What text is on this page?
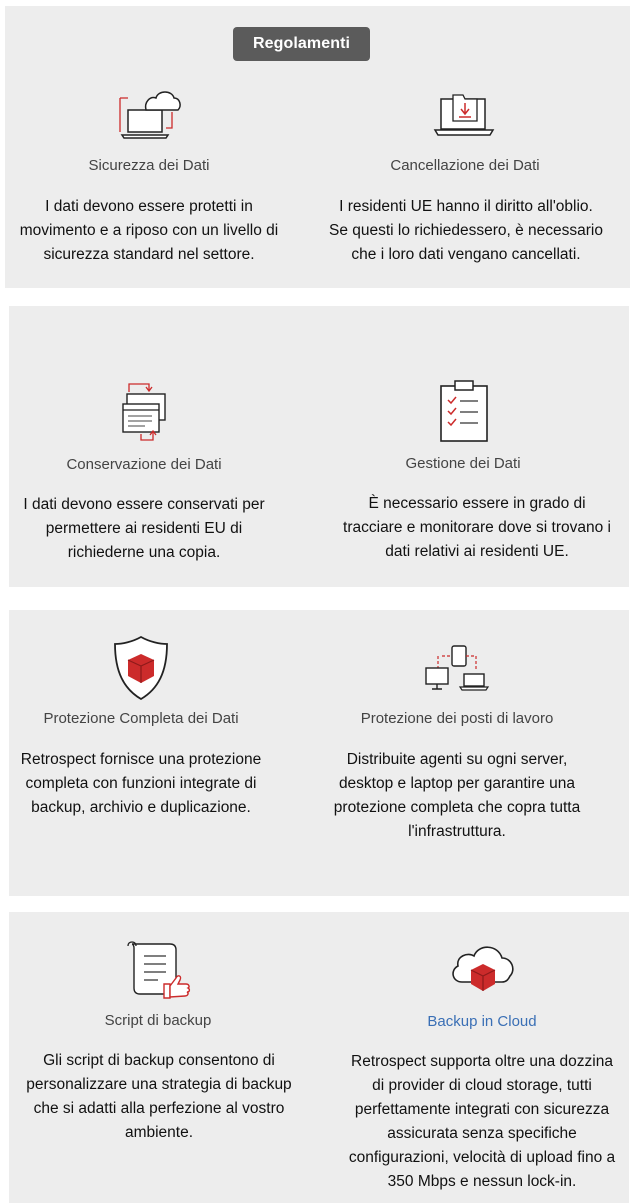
Regolamenti
Sicurezza dei Dati
I dati devono essere protetti in
movimento e a riposo con un livello di
sicurezza standard nel settore.
Cancellazione dei Dati
I residenti UE hanno il diritto all'oblio.
Se questi lo richiedessero, è necessario
che i loro dati vengano cancellati.
Conservazione dei Dati
I dati devono essere conservati per
permettere ai residenti EU di
richiederne una copia.
Gestione dei Dati
È necessario essere in grado di
tracciare e monitorare dove si trovano i
dati relativi ai residenti UE.
Protezione Completa dei Dati
Retrospect fornisce una protezione
completa con funzioni integrate di
backup, archivio e duplicazione.
Protezione dei posti di lavoro
Distribuite agenti su ogni server,
desktop e laptop per garantire una
protezione completa che copra tutta
l'infrastruttura.
Script di backup
Gli script di backup consentono di
personalizzare una strategia di backup
che si adatti alla perfezione al vostro
ambiente.
Backup in Cloud
Retrospect supporta oltre una dozzina
di provider di cloud storage, tutti
perfettamente integrati con sicurezza
assicurata senza specifiche
configurazioni, velocità di upload fino a
350 Mbps e nessun lock-in.
